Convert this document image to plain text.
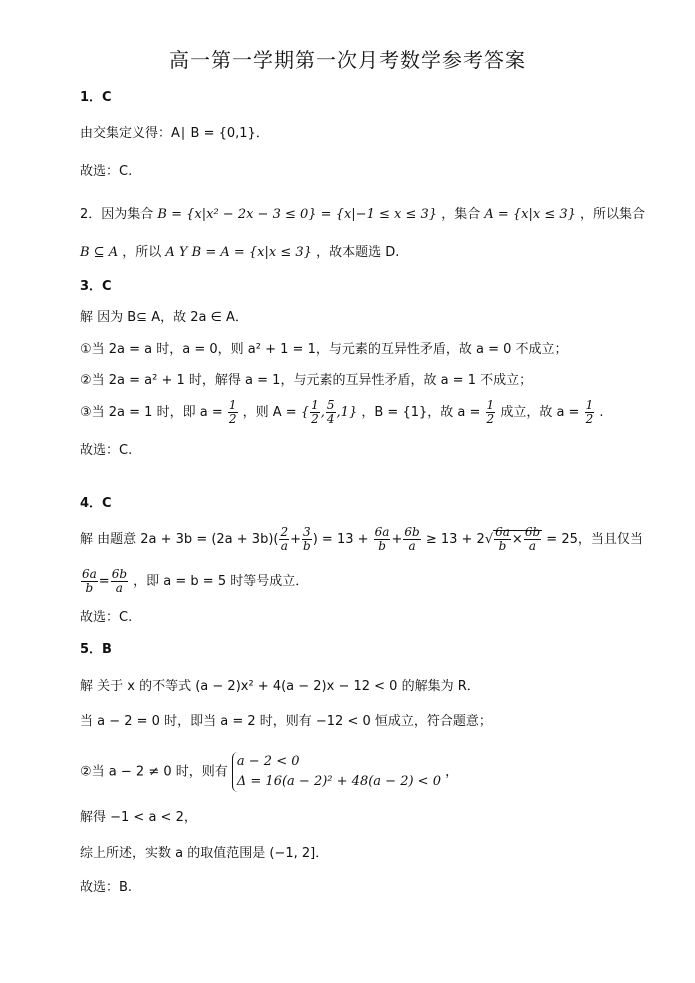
高一第一学期第一次月考数学参考答案
1．C
由交集定义得：A∣ B = {0,1}．
故选：C.
2．因为集合 B = {x|x² − 2x − 3 ≤ 0} = {x|−1 ≤ x ≤ 3} ，集合 A = {x|x ≤ 3} ，所以集合
B ⊆ A ，所以 A Y B = A = {x|x ≤ 3} ，故本题选 D.
3．C
解 因为 B⊆ A，故 2a ∈ A．
①当 2a = a 时，a = 0，则 a² + 1 = 1，与元素的互异性矛盾，故 a = 0 不成立；
②当 2a = a² + 1 时，解得 a = 1，与元素的互异性矛盾，故 a = 1 不成立；
③当 2a = 1 时，即 $a = \frac{1}{2}$ ，则 A = { $\frac{1}{2}$ , $\frac{5}{4} ,1$} ，B = {1}，故 $a = \frac{1}{2}$ 成立，故 $a = \frac{1}{2}$ .
故选：C.
4．C
解 由题意 $2a + 3b = (2a + 3b)( \frac{2}{a} + \frac{3}{b}$ ) = $13 + \frac{6a}{b} + \frac{6b}{a} \ge 13 + 2√ \frac{6a}{b} \times \frac{6b}{a} = 25$，当且仅当
$\frac{6a}{b} = \frac{6b}{a}$ ，即 a = b = 5 时等号成立．
故选：C.
5．B
解 关于 x 的不等式 (a − 2)x² + 4(a − 2)x − 12 < 0 的解集为 R．
当 a − 2 = 0 时，即当 a = 2 时，则有 −12 < 0 恒成立，符合题意；
②当 a − 2 ≠ 0 时，则有
a − 2 < 0
Δ = 16(a − 2)² + 48(a − 2) < 0
，
解得 −1 < a < 2，
综上所述，实数 a 的取值范围是 (−1, 2]．
故选：B.
